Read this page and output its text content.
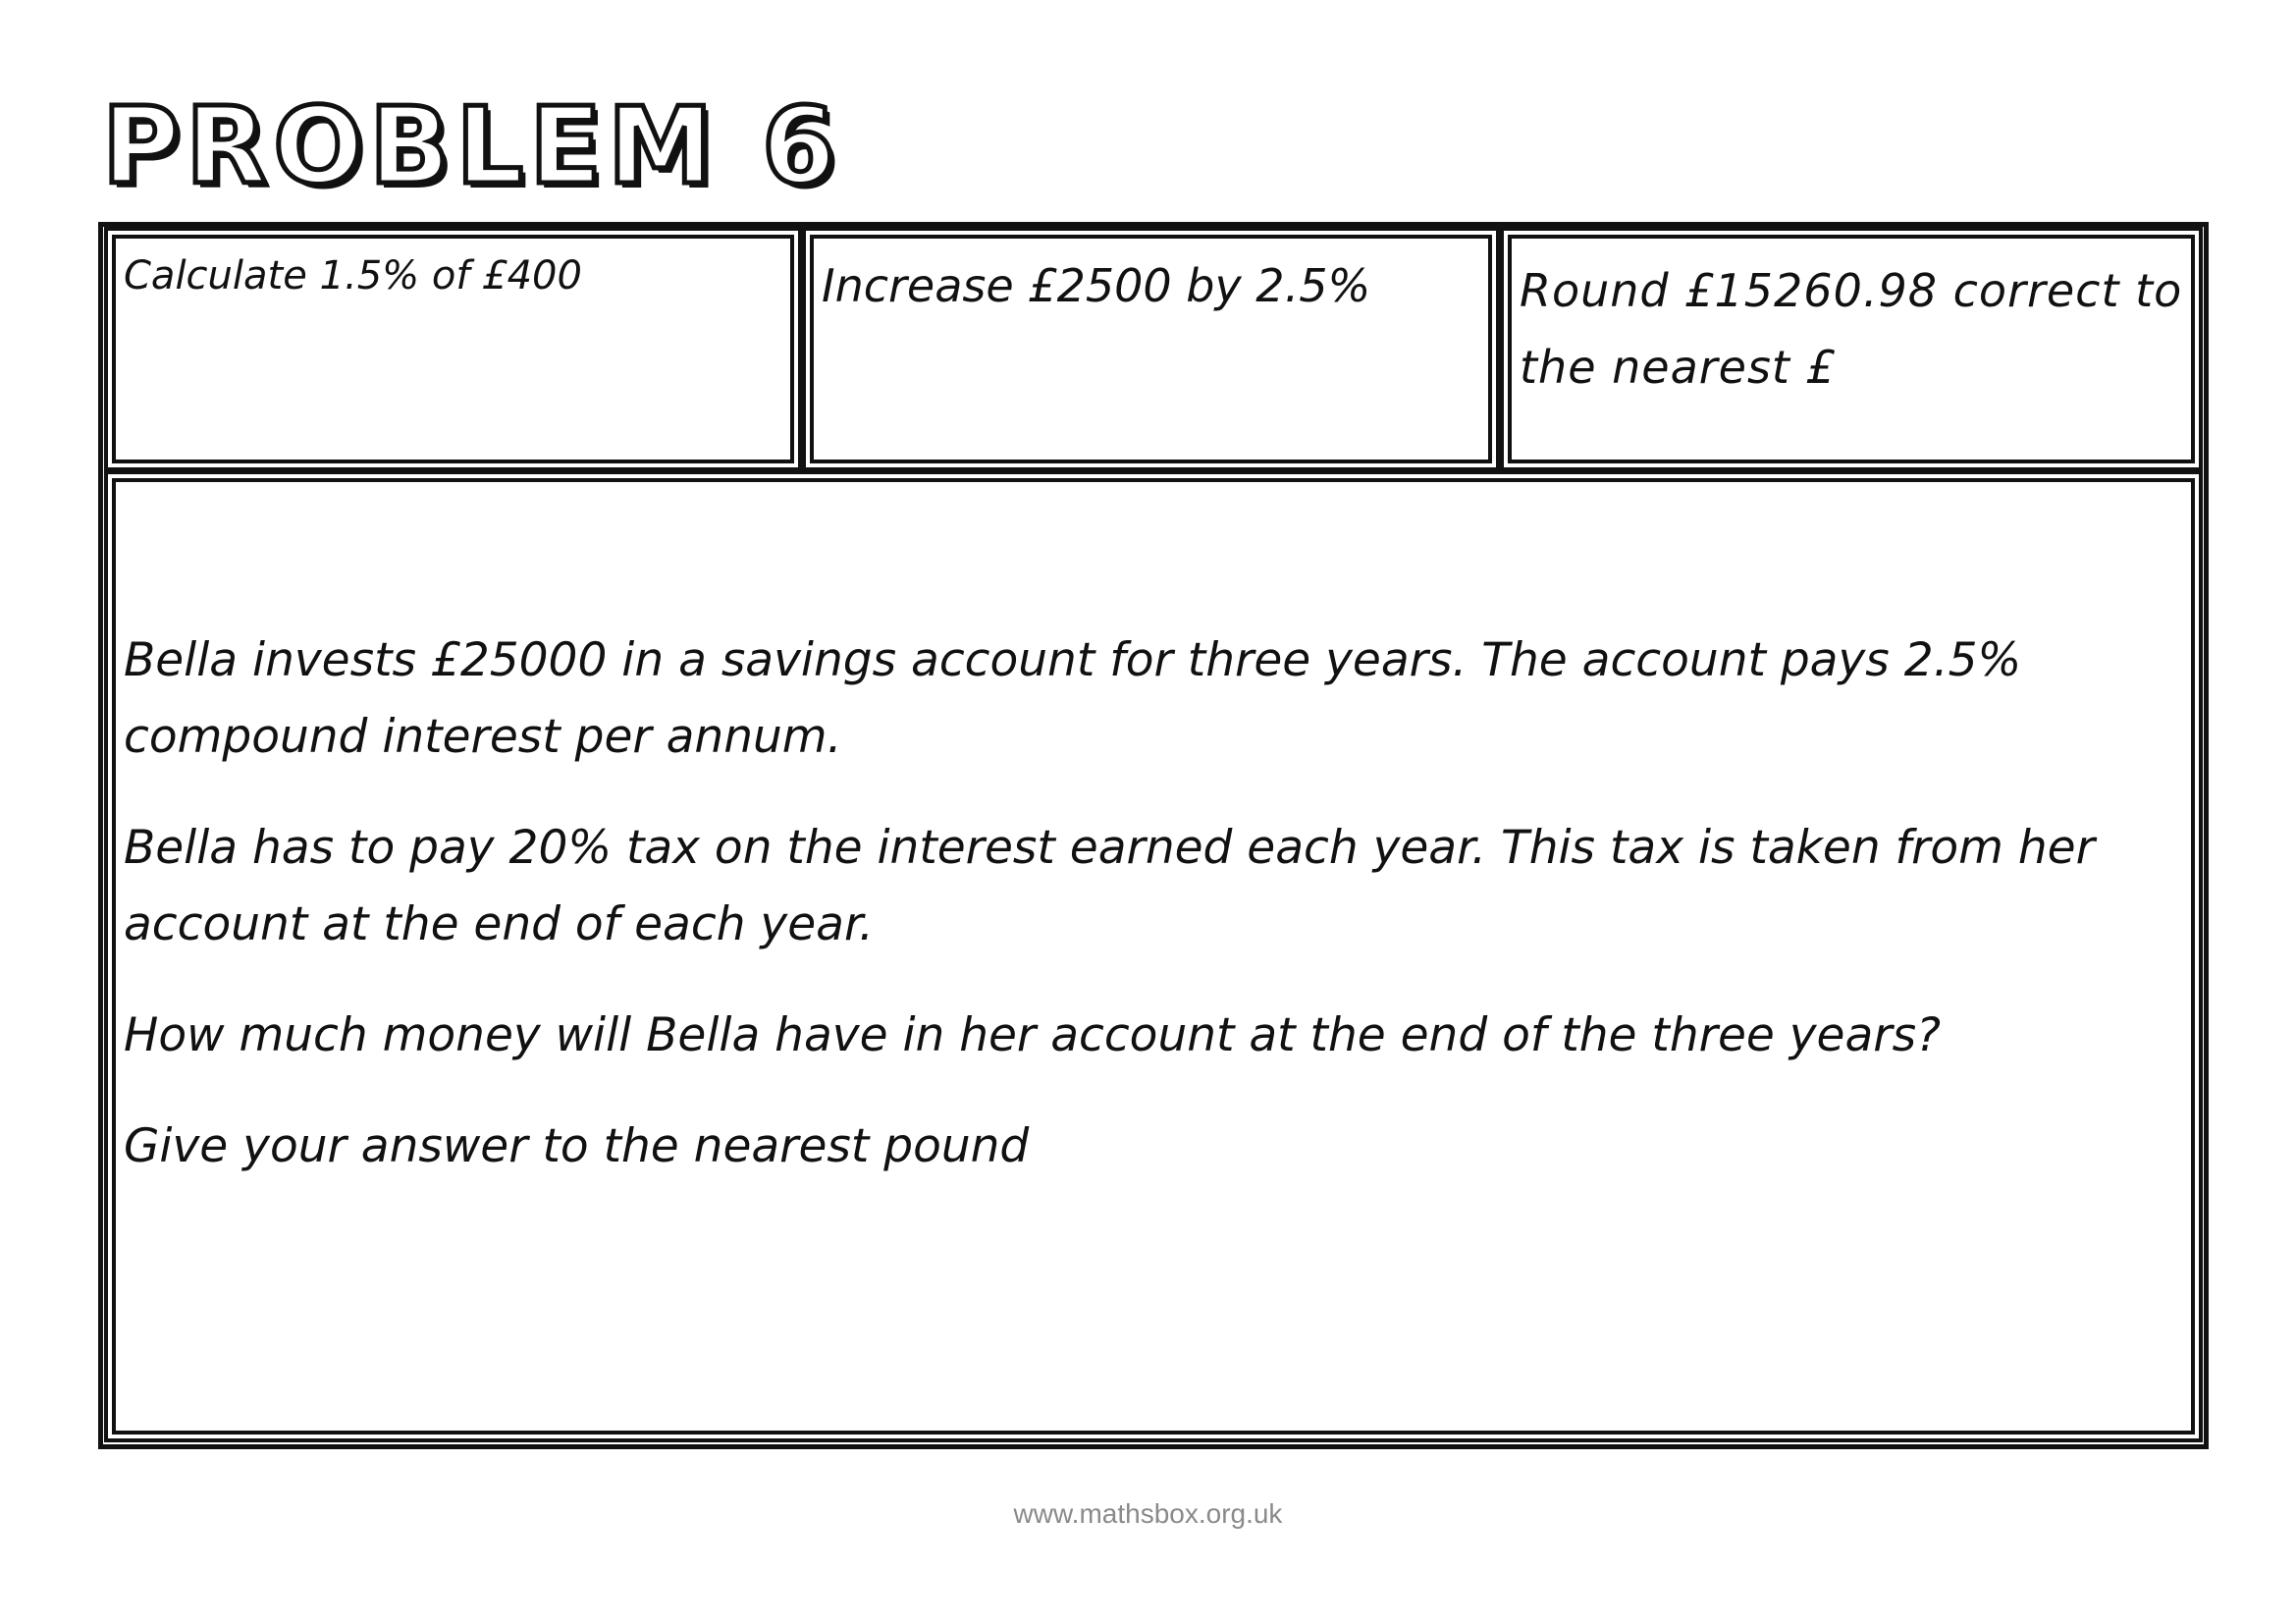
PROBLEM 6
Calculate 1.5% of £400	Increase £2500 by 2.5%	Round £15260.98 correct to the nearest £

Bella invests £25000 in a savings account for three years. The account pays 2.5% compound interest per annum.

Bella has to pay 20% tax on the interest earned each year. This tax is taken from her account at the end of each year.

How much money will Bella have in her account at the end of the three years?

Give your answer to the nearest pound

www.mathsbox.org.uk
